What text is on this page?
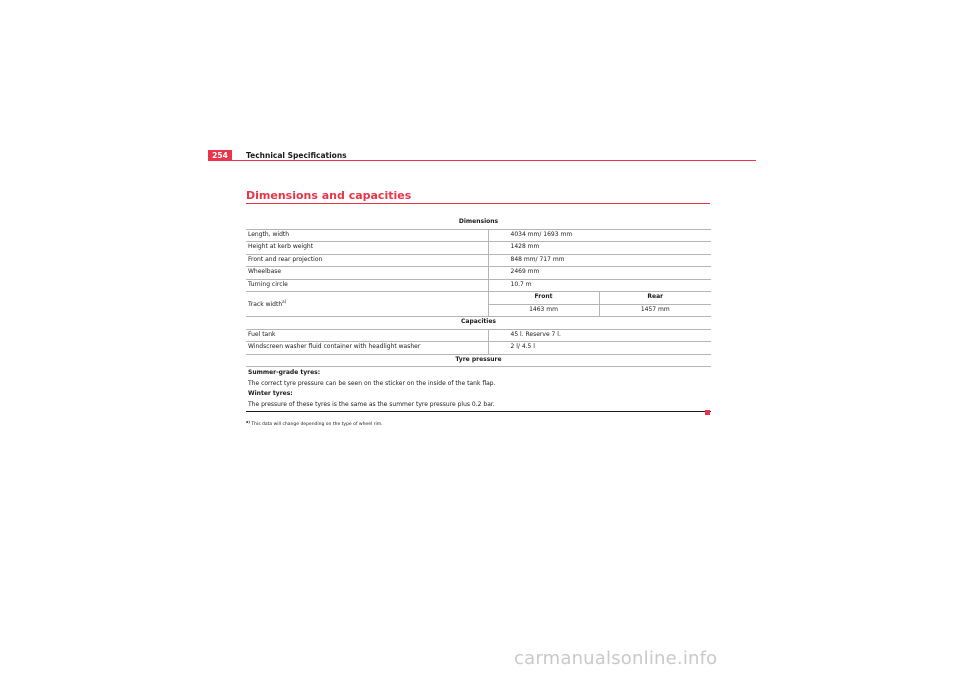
254	Technical Specifications
Dimensions and capacities
Dimensions		
Length, width	4034 mm/ 1693 mm	
Height at kerb weight	1428 mm	
Front and rear projection	848 mm/ 717 mm	
Wheelbase	2469 mm	
Turning circle	10.7 m	
Track width$^{a)}$	Front	Rear
	1463 mm	1457 mm
Capacities		
Fuel tank	45 l. Reserve 7 l.	
Windscreen washer fluid container with headlight washer	2 l/ 4.5 l	
Tyre pressure		

Summer-grade tyres:
The correct tyre pressure can be seen on the sticker on the inside of the tank flap.
Winter tyres:
The pressure of these tyres is the same as the summer tyre pressure plus 0.2 bar.		
$^{a)}$ This data will change depending on the type of wheel rim.
carmanualsonline.info
